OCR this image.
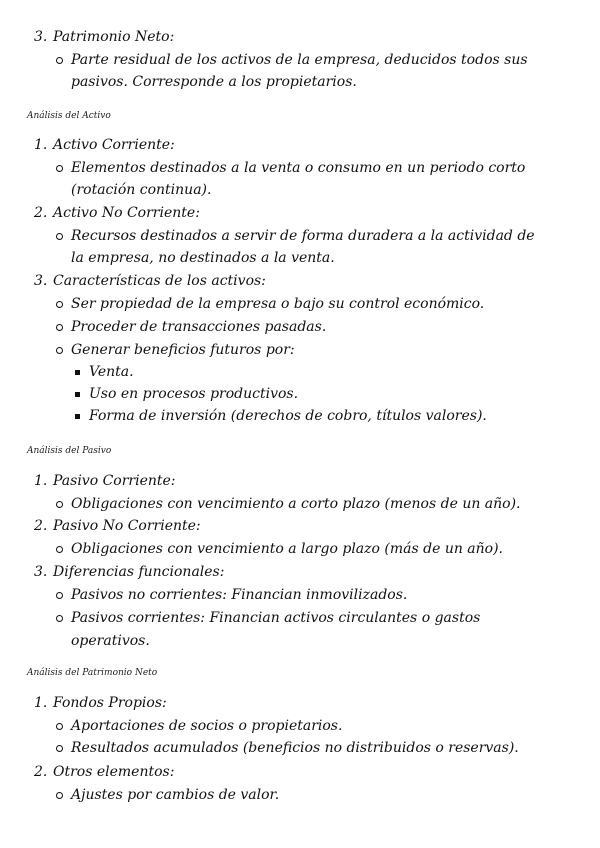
3. Patrimonio Neto:
Parte residual de los activos de la empresa, deducidos todos sus
pasivos. Corresponde a los propietarios.
Análisis del Activo
1. Activo Corriente:
Elementos destinados a la venta o consumo en un periodo corto
(rotación continua).
2. Activo No Corriente:
Recursos destinados a servir de forma duradera a la actividad de
la empresa, no destinados a la venta.
3. Características de los activos:
Ser propiedad de la empresa o bajo su control económico.
Proceder de transacciones pasadas.
Generar beneficios futuros por:
Venta.
Uso en procesos productivos.
Forma de inversión (derechos de cobro, títulos valores).
Análisis del Pasivo
1. Pasivo Corriente:
Obligaciones con vencimiento a corto plazo (menos de un año).
2. Pasivo No Corriente:
Obligaciones con vencimiento a largo plazo (más de un año).
3. Diferencias funcionales:
Pasivos no corrientes: Financian inmovilizados.
Pasivos corrientes: Financian activos circulantes o gastos
operativos.
Análisis del Patrimonio Neto
1. Fondos Propios:
Aportaciones de socios o propietarios.
Resultados acumulados (beneficios no distribuidos o reservas).
2. Otros elementos:
Ajustes por cambios de valor.
